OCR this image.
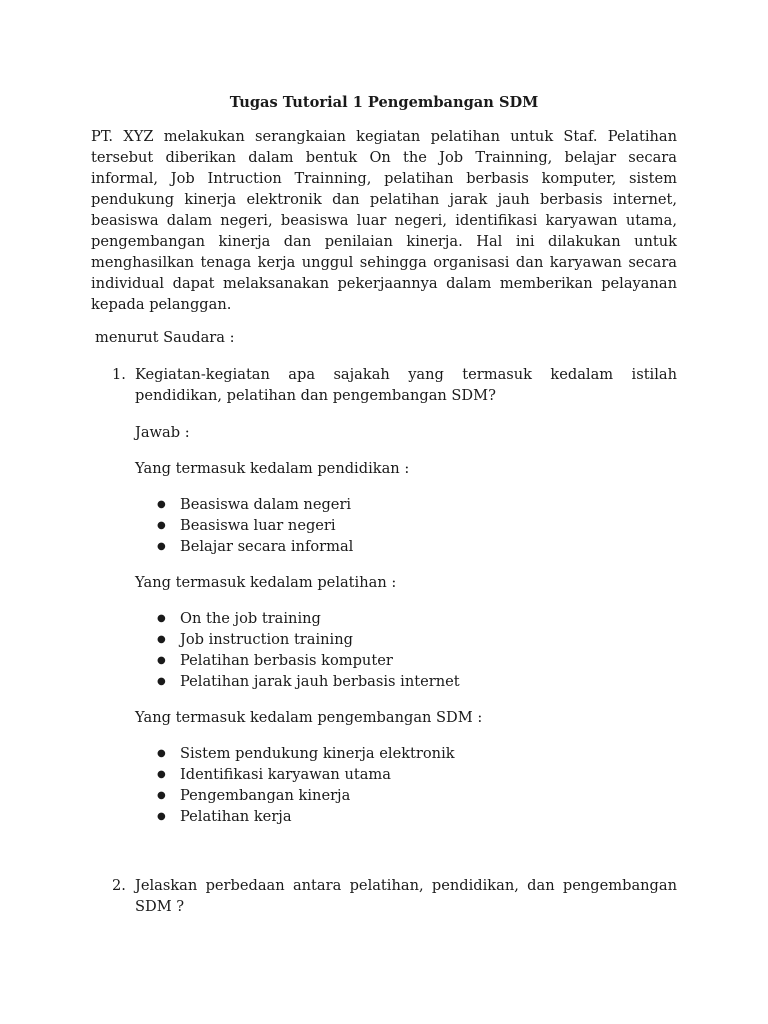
Tugas Tutorial 1 Pengembangan SDM

PT. XYZ melakukan serangkaian kegiatan pelatihan untuk Staf. Pelatihan tersebut diberikan dalam bentuk On the Job Trainning, belajar secara informal, Job Intruction Trainning, pelatihan berbasis komputer, sistem pendukung kinerja elektronik dan pelatihan jarak jauh berbasis internet, beasiswa dalam negeri, beasiswa luar negeri, identifikasi karyawan utama, pengembangan kinerja dan penilaian kinerja. Hal ini dilakukan untuk menghasilkan tenaga kerja unggul sehingga organisasi dan karyawan secara individual dapat melaksanakan pekerjaannya dalam memberikan pelayanan kepada pelanggan.

menurut Saudara :

1. Kegiatan-kegiatan apa sajakah yang termasuk kedalam istilah pendidikan, pelatihan dan pengembangan SDM?

Jawab :

Yang termasuk kedalam pendidikan :

● Beasiswa dalam negeri
● Beasiswa luar negeri
● Belajar secara informal

Yang termasuk kedalam pelatihan :

● On the job training
● Job instruction training
● Pelatihan berbasis komputer
● Pelatihan jarak jauh berbasis internet

Yang termasuk kedalam pengembangan SDM :

● Sistem pendukung kinerja elektronik
● Identifikasi karyawan utama
● Pengembangan kinerja
● Pelatihan kerja
2. Jelaskan perbedaan antara pelatihan, pendidikan, dan pengembangan SDM ?
